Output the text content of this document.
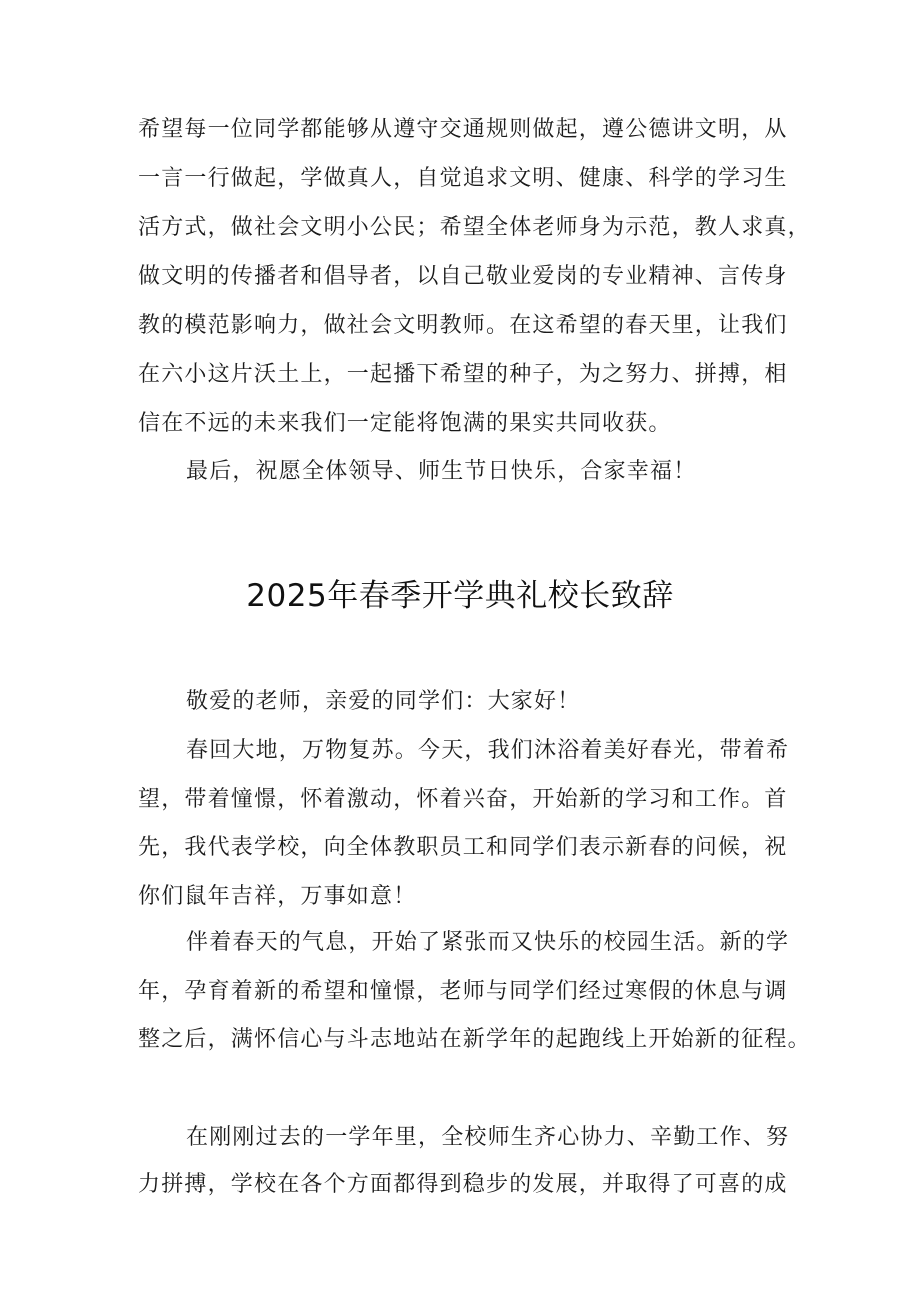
希望每一位同学都能够从遵守交通规则做起，遵公德讲文明，从
一言一行做起，学做真人，自觉追求文明、健康、科学的学习生
活方式，做社会文明小公民；希望全体老师身为示范，教人求真，
做文明的传播者和倡导者，以自己敬业爱岗的专业精神、言传身
教的模范影响力，做社会文明教师。在这希望的春天里，让我们
在六小这片沃土上，一起播下希望的种子，为之努力、拼搏，相
信在不远的未来我们一定能将饱满的果实共同收获。
最后，祝愿全体领导、师生节日快乐，合家幸福！
2025年春季开学典礼校长致辞
敬爱的老师，亲爱的同学们：大家好！
春回大地，万物复苏。今天，我们沐浴着美好春光，带着希
望，带着憧憬，怀着激动，怀着兴奋，开始新的学习和工作。首
先，我代表学校，向全体教职员工和同学们表示新春的问候，祝
你们鼠年吉祥，万事如意！
伴着春天的气息，开始了紧张而又快乐的校园生活。新的学
年，孕育着新的希望和憧憬，老师与同学们经过寒假的休息与调
整之后，满怀信心与斗志地站在新学年的起跑线上开始新的征程。
在刚刚过去的一学年里，全校师生齐心协力、辛勤工作、努
力拼搏，学校在各个方面都得到稳步的发展，并取得了可喜的成
